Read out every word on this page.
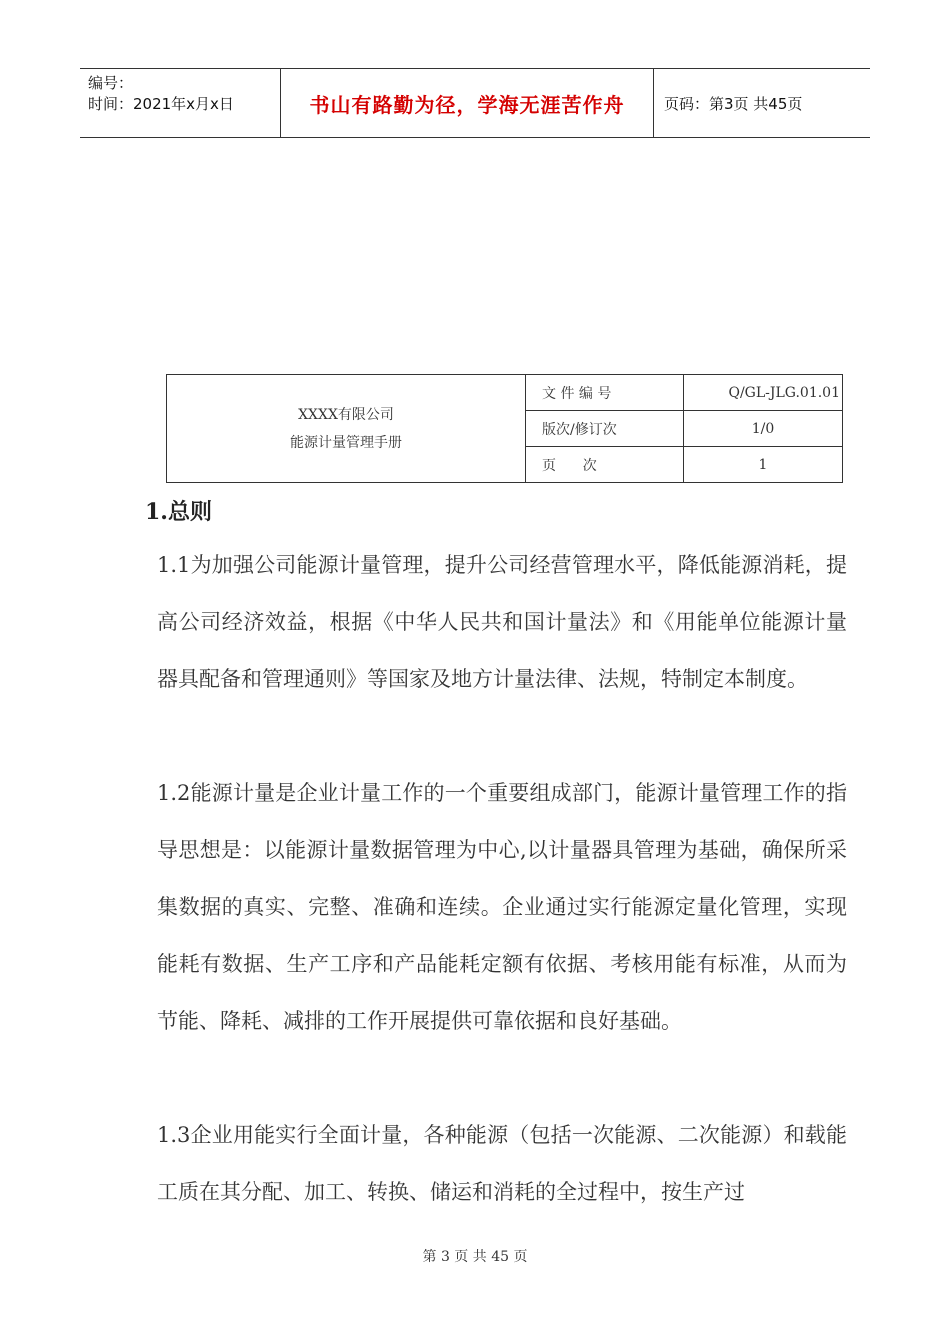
编号：
时间：2021年x月x日	书山有路勤为径，学海无涯苦作舟	页码：第3页 共45页
XXXX有限公司
能源计量管理手册	文 件 编 号	Q/GL-JLG.01.01
	版次/修订次	1/0
	页      次	1
1.总则

1.1为加强公司能源计量管理，提升公司经营管理水平，降低能源消耗，提高公司经济效益，根据《中华人民共和国计量法》和《用能单位能源计量器具配备和管理通则》等国家及地方计量法律、法规，特制定本制度。

1.2能源计量是企业计量工作的一个重要组成部门，能源计量管理工作的指导思想是：以能源计量数据管理为中心,以计量器具管理为基础，确保所采集数据的真实、完整、准确和连续。企业通过实行能源定量化管理，实现能耗有数据、生产工序和产品能耗定额有依据、考核用能有标准，从而为节能、降耗、减排的工作开展提供可靠依据和良好基础。

1.3企业用能实行全面计量，各种能源（包括一次能源、二次能源）和载能工质在其分配、加工、转换、储运和消耗的全过程中，按生产过

第 3 页 共 45 页
